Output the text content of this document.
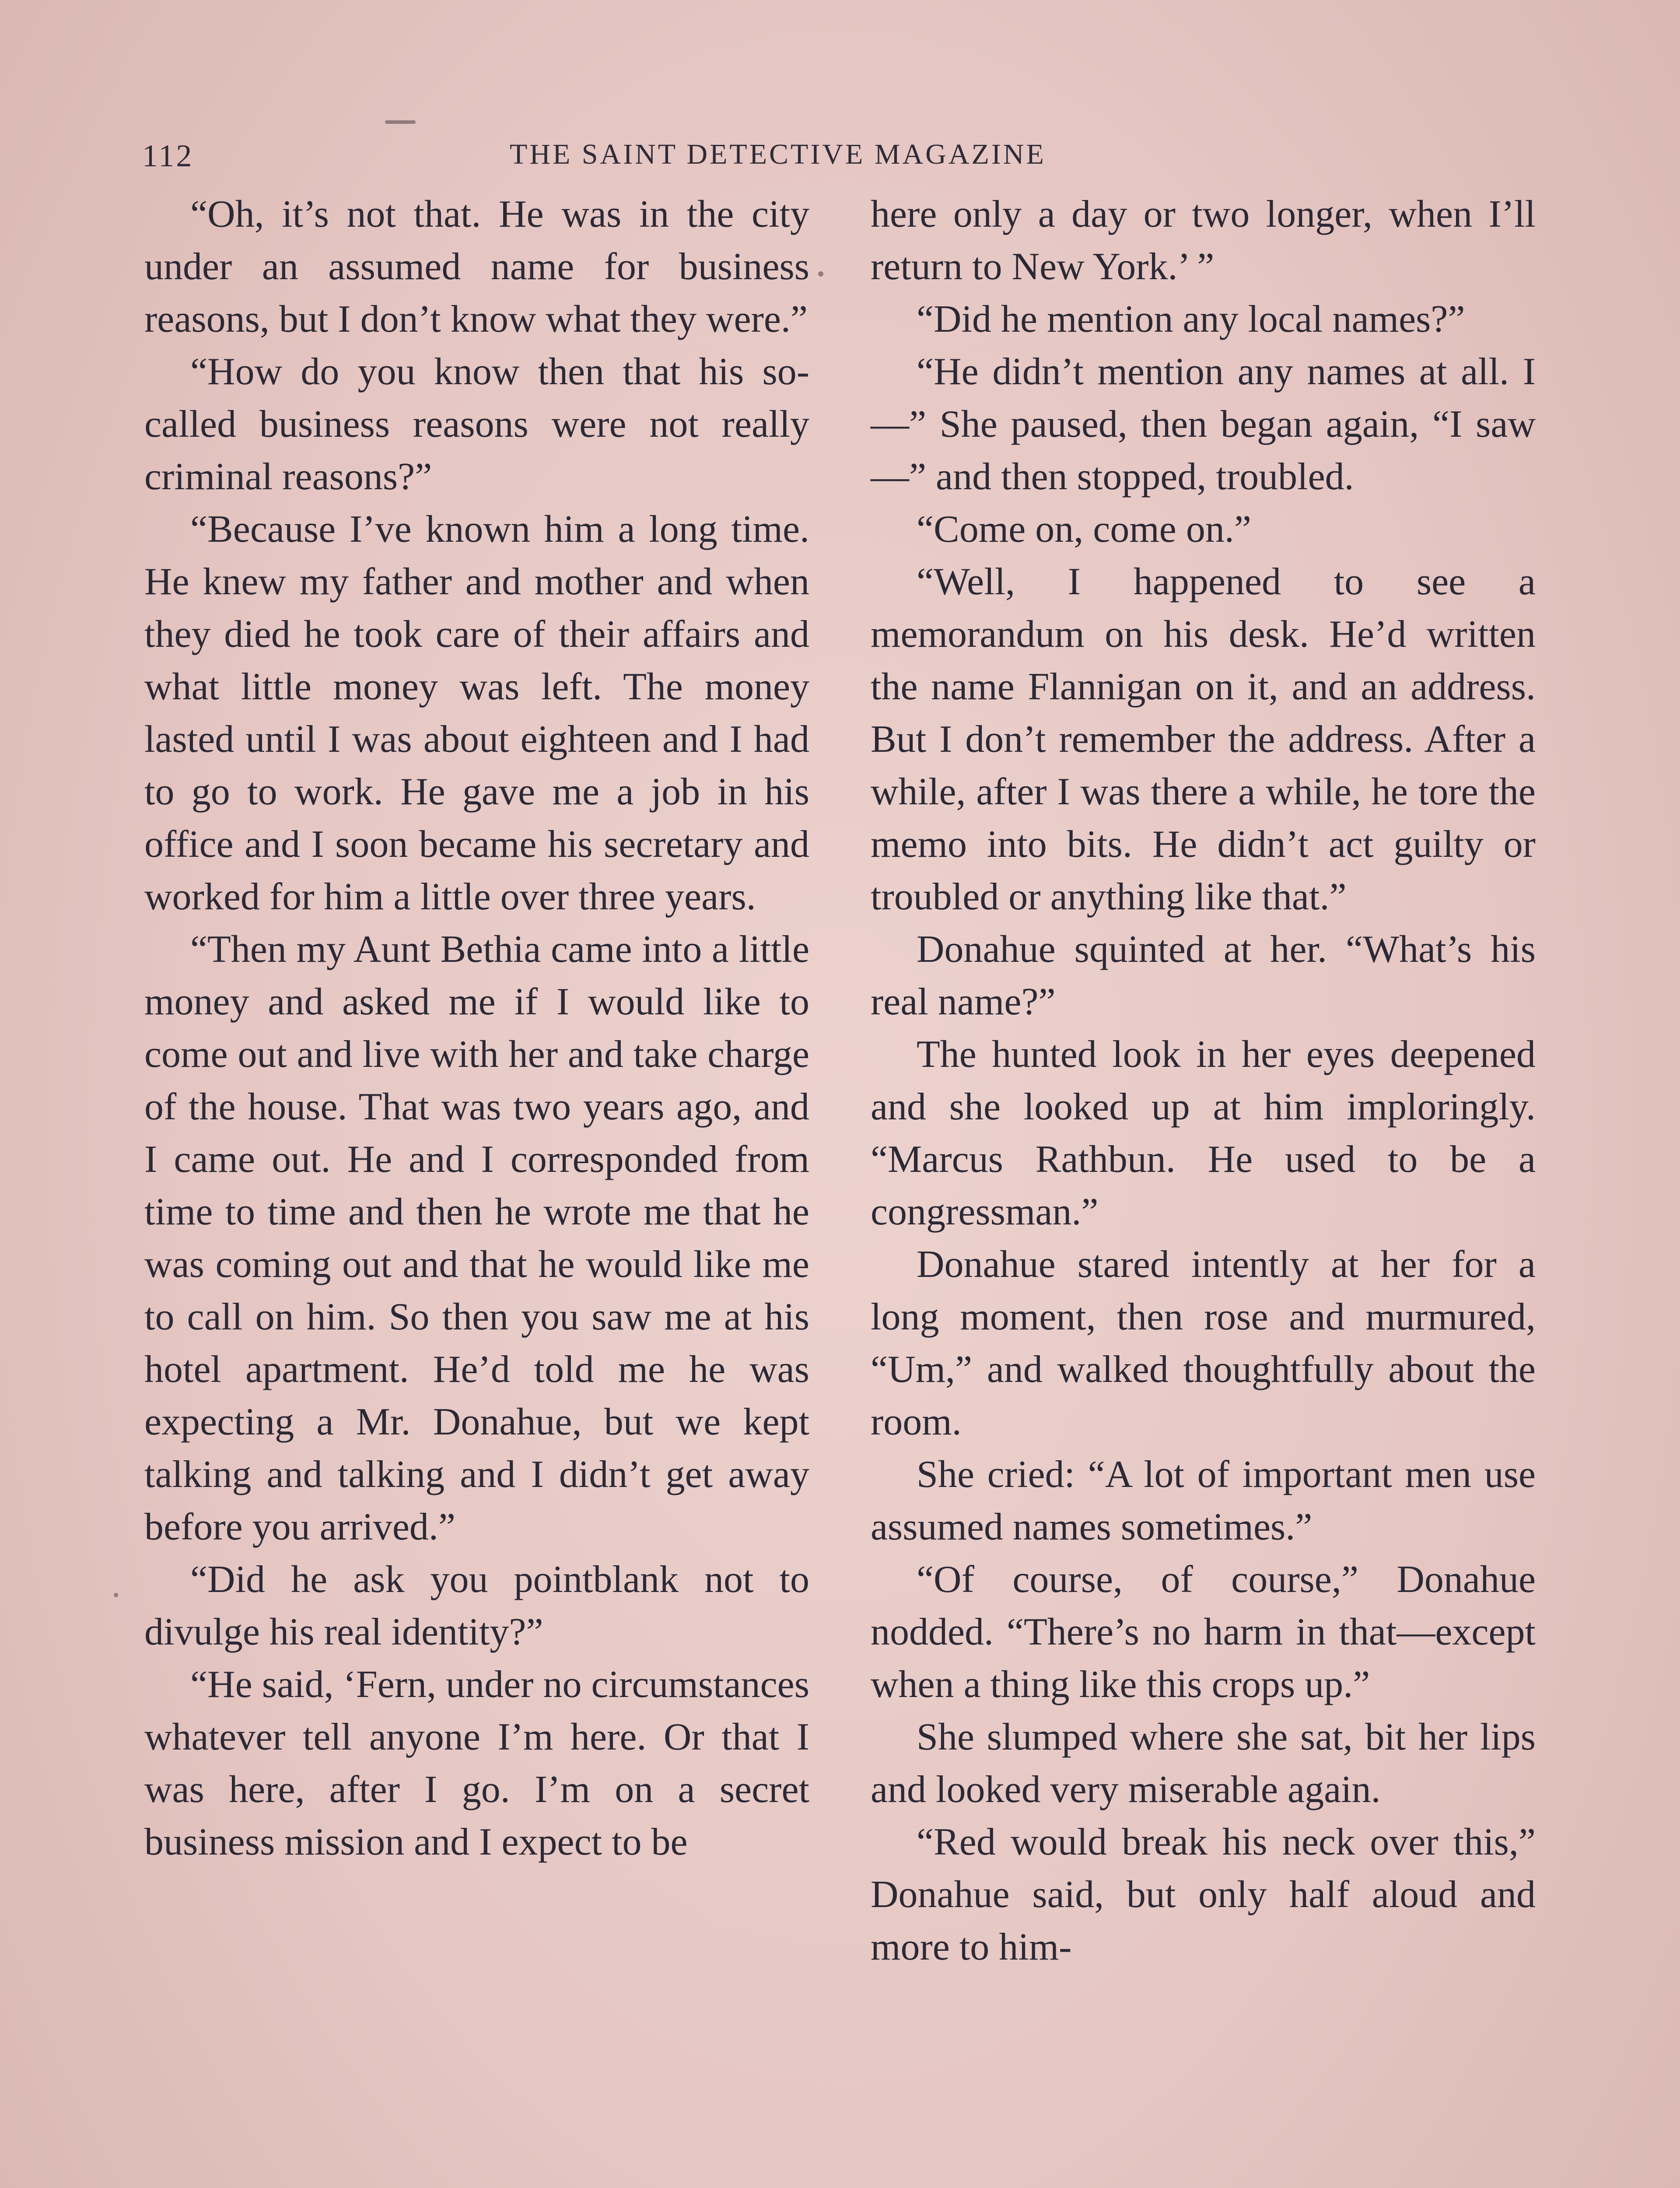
112	THE SAINT DETECTIVE MAGAZINE

“Oh, it’s not that. He was in the city under an assumed name for business reasons, but I don’t know what they were.”

“How do you know then that his so-called business reasons were not really criminal reasons?”

“Because I’ve known him a long time. He knew my father and mother and when they died he took care of their affairs and what little money was left. The money lasted until I was about eighteen and I had to go to work. He gave me a job in his office and I soon became his secretary and worked for him a little over three years.

“Then my Aunt Bethia came into a little money and asked me if I would like to come out and live with her and take charge of the house. That was two years ago, and I came out. He and I corresponded from time to time and then he wrote me that he was coming out and that he would like me to call on him. So then you saw me at his hotel apartment. He’d told me he was expecting a Mr. Donahue, but we kept talking and talking and I didn’t get away before you arrived.”

“Did he ask you pointblank not to divulge his real identity?”

“He said, ‘Fern, under no circumstances whatever tell anyone I’m here. Or that I was here, after I go. I’m on a secret business mission and I expect to be

here only a day or two longer, when I’ll return to New York.’ ”

“Did he mention any local names?”

“He didn’t mention any names at all. I—” She paused, then began again, “I saw—” and then stopped, troubled.

“Come on, come on.”

“Well, I happened to see a memorandum on his desk. He’d written the name Flannigan on it, and an address. But I don’t remember the address. After a while, after I was there a while, he tore the memo into bits. He didn’t act guilty or troubled or anything like that.”

Donahue squinted at her. “What’s his real name?”

The hunted look in her eyes deepened and she looked up at him imploringly. “Marcus Rathbun. He used to be a congressman.”

Donahue stared intently at her for a long moment, then rose and murmured, “Um,” and walked thoughtfully about the room.

She cried: “A lot of important men use assumed names sometimes.”

“Of course, of course,” Donahue nodded. “There’s no harm in that—except when a thing like this crops up.”

She slumped where she sat, bit her lips and looked very miserable again.

“Red would break his neck over this,” Donahue said, but only half aloud and more to him-
